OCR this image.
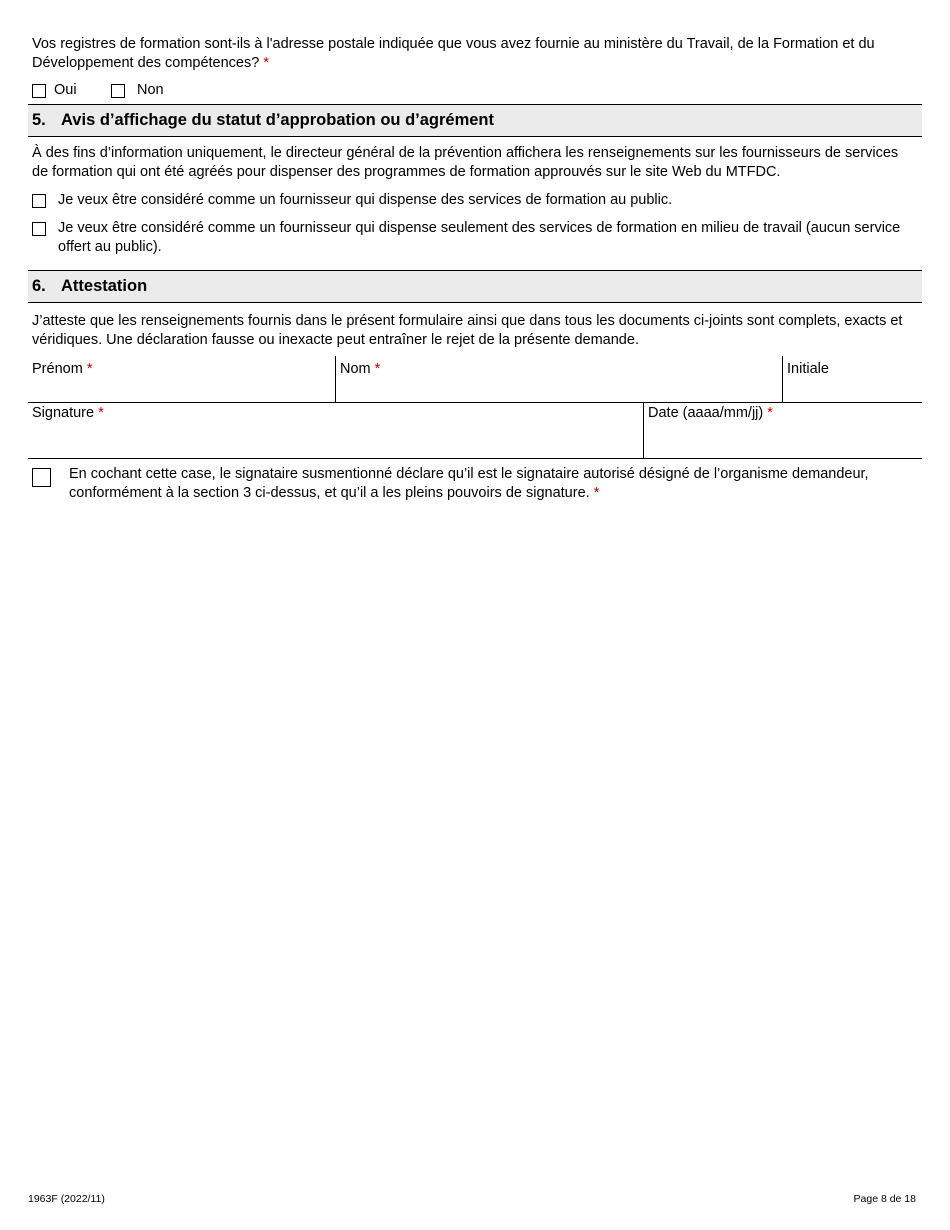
Vos registres de formation sont-ils à l'adresse postale indiquée que vous avez fournie au ministère du Travail, de la Formation et du Développement des compétences? *
Oui	Non
5. Avis d’affichage du statut d’approbation ou d’agrément
À des fins d’information uniquement, le directeur général de la prévention affichera les renseignements sur les fournisseurs de services de formation qui ont été agréés pour dispenser des programmes de formation approuvés sur le site Web du MTFDC.
Je veux être considéré comme un fournisseur qui dispense des services de formation au public.
Je veux être considéré comme un fournisseur qui dispense seulement des services de formation en milieu de travail (aucun service offert au public).
6. Attestation
J’atteste que les renseignements fournis dans le présent formulaire ainsi que dans tous les documents ci-joints sont complets, exacts et véridiques. Une déclaration fausse ou inexacte peut entraîner le rejet de la présente demande.
Prénom *	Nom *	Initiale
Signature *	Date (aaaa/mm/jj) *
En cochant cette case, le signataire susmentionné déclare qu’il est le signataire autorisé désigné de l’organisme demandeur, conformément à la section 3 ci-dessus, et qu’il a les pleins pouvoirs de signature. *
1963F (2022/11)	Page 8 de 18
